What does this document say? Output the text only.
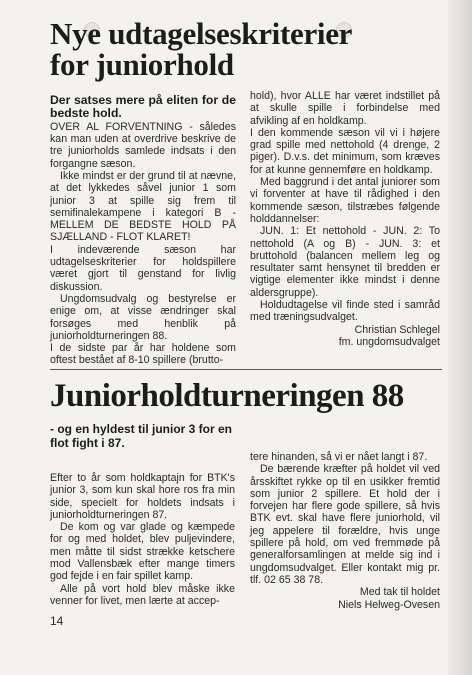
Nye udtagelseskriterier
for juniorhold

Der satses mere på eliten for de bedste hold.

OVER AL FORVENTNING - således kan man uden at overdrive beskrive de tre juniorholds samlede indsats i den forgangne sæson.

Ikke mindst er der grund til at nævne, at det lykkedes såvel junior 1 som junior 3 at spille sig frem til semifinalekampene i kategori B - MELLEM DE BEDSTE HOLD PÅ SJÆLLAND - FLOT KLARET!

I indeværende sæson har udtagelseskriterier for holdspillere været gjort til genstand for livlig diskussion.

Ungdomsudvalg og bestyrelse er enige om, at visse ændringer skal forsøges med henblik på juniorholdturneringen 88.

I de sidste par år har holdene som oftest bestået af 8-10 spillere (brutto-

hold), hvor ALLE har været indstillet på at skulle spille i forbindelse med afvikling af en holdkamp.

I den kommende sæson vil vi i højere grad spille med nettohold (4 drenge, 2 piger). D.v.s. det minimum, som kræves for at kunne gennemføre en holdkamp.

Med baggrund i det antal juniorer som vi forventer at have til rådighed i den kommende sæson, tilstræbes følgende holddannelser:

JUN. 1: Et nettohold - JUN. 2: To nettohold (A og B) - JUN. 3: et bruttohold (balancen mellem leg og resultater samt hensynet til bredden er vigtige elementer ikke mindst i denne aldersgruppe).

Holdudtagelse vil finde sted i samråd med træningsudvalget.

Christian Schlegel

fm. ungdomsudvalget

Juniorholdturneringen 88
- og en hyldest til junior 3 for en flot fight i 87.

Efter to år som holdkaptajn for BTK's junior 3, som kun skal hore ros fra min side, specielt for holdets indsats i juniorholdturneringen 87.

De kom og var glade og kæmpede for og med holdet, blev puljevindere, men måtte til sidst strække ketschere mod Vallensbæk efter mange timers god fejde i en fair spillet kamp.

Alle på vort hold blev måske ikke venner for livet, men lærte at accep-

tere hinanden, så vi er nået langt i 87.

De bærende kræfter på holdet vil ved årsskiftet rykke op til en usikker fremtid som junior 2 spillere. Et hold der i forvejen har flere gode spillere, så hvis BTK evt. skal have flere juniorhold, vil jeg appelere til forældre, hvis unge spillere på hold, om ved fremmøde på generalforsamlingen at melde sig ind i ungdomsudvalget. Eller kontakt mig pr. tlf. 02 65 38 78.

Med tak til holdet

Niels Helweg-Ovesen

14
